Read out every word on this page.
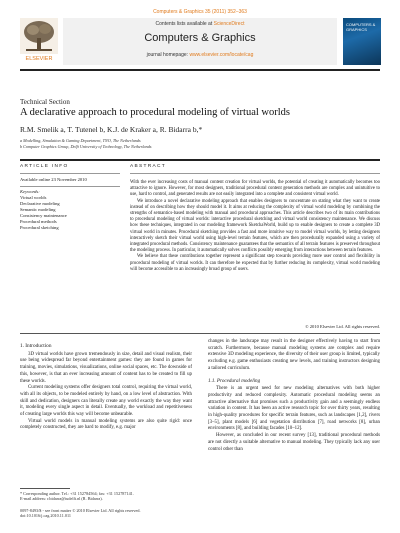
Computers & Graphics 35 (2011) 352–363
ELSEVIER
Contents lists available at ScienceDirect
Computers & Graphics
journal homepage: www.elsevier.com/locate/cag
COMPUTERS & GRAPHICS
Technical Section
A declarative approach to procedural modeling of virtual worlds
R.M. Smelik a, T. Tutenel b, K.J. de Kraker a, R. Bidarra b,*
a Modelling, Simulation & Gaming Department, TNO, The Netherlands
b Computer Graphics Group, Delft University of Technology, The Netherlands
ARTICLE INFO
Available online 23 November 2010
Keywords:
Virtual worlds
Declarative modeling
Semantic modeling
Consistency maintenance
Procedural methods
Procedural sketching
ABSTRACT

With the ever increasing costs of manual content creation for virtual worlds, the potential of creating it automatically becomes too attractive to ignore. However, for most designers, traditional procedural content generation methods are complex and unintuitive to use, hard to control, and generated results are not easily integrated into a complete and consistent virtual world.

We introduce a novel declarative modeling approach that enables designers to concentrate on stating what they want to create instead of on describing how they should model it. It aims at reducing the complexity of virtual world modeling by combining the strengths of semantics-based modeling with manual and procedural approaches. This article describes two of its main contributions to procedural modeling of virtual worlds: interactive procedural sketching and virtual world consistency maintenance. We discuss how these techniques, integrated in our modeling framework SketchaWorld, build up to enable designers to create a complete 3D virtual world in minutes. Procedural sketching provides a fast and more intuitive way to model virtual worlds, by letting designers interactively sketch their virtual world using high-level terrain features, which are then procedurally expanded using a variety of integrated procedural methods. Consistency maintenance guarantees that the semantics of all terrain features is preserved throughout the modeling process. In particular, it automatically solves conflicts possibly emerging from interactions between terrain features.

We believe that these contributions together represent a significant step towards providing more user control and flexibility in procedural modeling of virtual worlds. It can therefore be expected that by further reducing its complexity, virtual world modeling will become accessible to an increasingly broad group of users.

© 2010 Elsevier Ltd. All rights reserved.
1. Introduction

3D virtual worlds have grown tremendously in size, detail and visual realism, their use being widespread far beyond entertainment games: they are found in games for training, movies, simulations, visualizations, online social spaces, etc. The downside of this, however, is that an ever increasing amount of content has to be created to fill up these worlds.

Current modeling systems offer designers total control, requiring the virtual world, with all its objects, to be modeled entirely by hand, on a low level of abstraction. With skill and dedication, designers can literally create any world exactly the way they want it, modeling every single aspect in detail. Eventually, the workload and repetitiveness of creating large worlds this way will become unbearable.

Virtual world models in manual modeling systems are also quite rigid: once completely constructed, they are hard to modify, e.g. major

* Corresponding author. Tel.: +31 152784564; fax: +31 152787141.
E-mail address: r.bidarra@tudelft.nl (R. Bidarra).
0097-8493/$ - see front matter © 2010 Elsevier Ltd. All rights reserved.
doi:10.1016/j.cag.2010.11.011

changes in the landscape may result in the designer effectively having to start from scratch. Furthermore, because manual modeling systems are complex and require extensive 3D modeling experience, the diversity of their user group is limited, typically excluding e.g. game enthusiasts creating new levels, and training instructors designing a tailored curriculum.

1.1. Procedural modeling

There is an urgent need for new modeling alternatives with both higher productivity and reduced complexity. Automatic procedural modeling seems an attractive alternative that promises such a productivity gain and a seemingly endless variation in content. It has been an active research topic for over thirty years, resulting in high-quality procedures for specific terrain features, such as landscapes [1,2], rivers [3–5], plant models [6] and vegetation distribution [7], road networks [8], urban environments [8], and building facades [10–12].

However, as concluded in our recent survey [13], traditional procedural methods are not directly a suitable alternative to manual modeling. They typically lack any user control other than
